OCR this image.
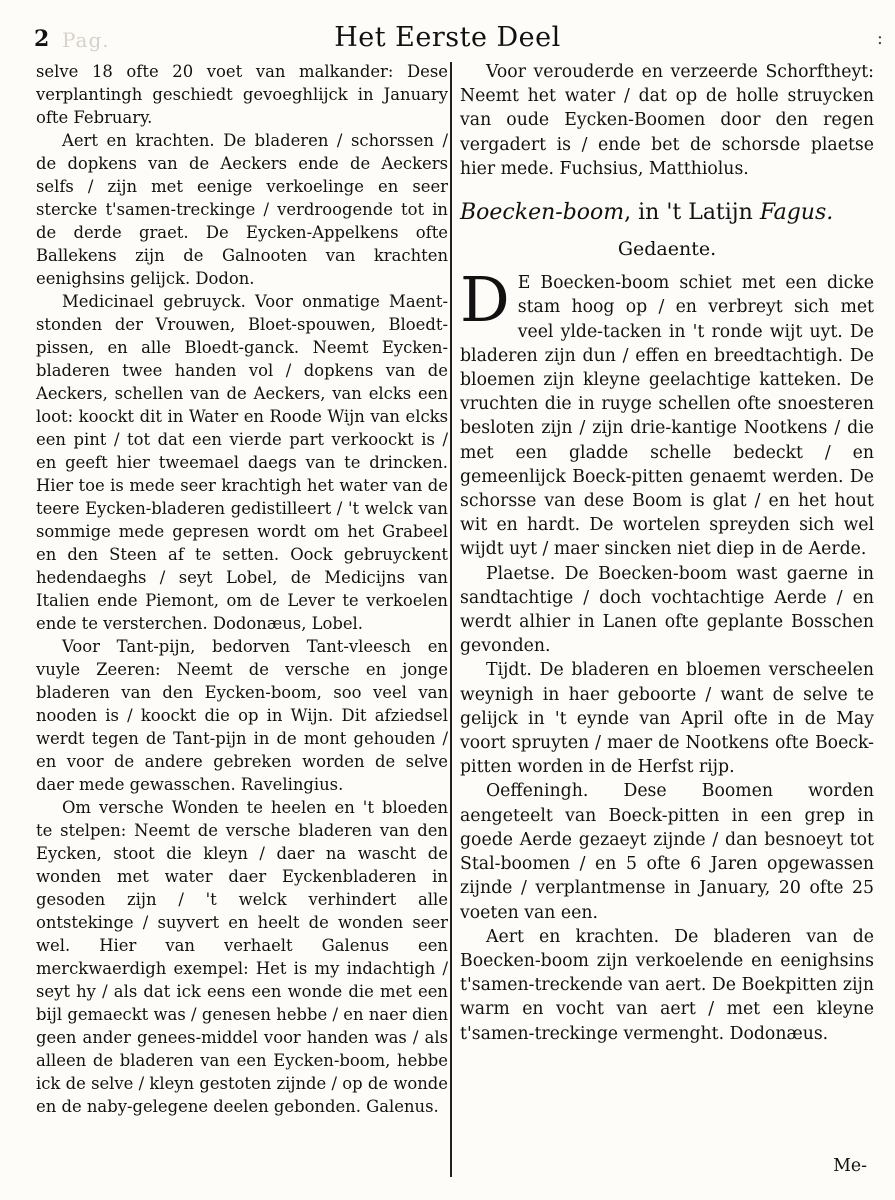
2 Pag.	Het Eerste Deel	:

selve 18 ofte 20 voet van malkander: Dese verplantingh geschiedt gevoeghlijck in January ofte February.

Aert en krachten. De bladeren / schorssen / de dopkens van de Aeckers ende de Aeckers selfs / zijn met eenige verkoelinge en seer stercke t'samen-treckinge / verdroogende tot in de derde graet. De Eycken-Appelkens ofte Ballekens zijn de Galnooten van krachten eenighsins gelijck. Dodon.

Medicinael gebruyck. Voor onmatige Maent-stonden der Vrouwen, Bloet-spouwen, Bloedt-pissen, en alle Bloedt-ganck. Neemt Eycken-bladeren twee handen vol / dopkens van de Aeckers, schellen van de Aeckers, van elcks een loot: koockt dit in Water en Roode Wijn van elcks een pint / tot dat een vierde part verkoockt is / en geeft hier tweemael daegs van te drincken. Hier toe is mede seer krachtigh het water van de teere Eycken-bladeren gedistilleert / 't welck van sommige mede gepresen wordt om het Grabeel en den Steen af te setten. Oock gebruyckent hedendaeghs / seyt Lobel, de Medicijns van Italien ende Piemont, om de Lever te verkoelen ende te versterchen. Dodonæus, Lobel.

Voor Tant-pijn, bedorven Tant-vleesch en vuyle Zeeren: Neemt de versche en jonge bladeren van den Eycken-boom, soo veel van nooden is / koockt die op in Wijn. Dit afziedsel werdt tegen de Tant-pijn in de mont gehouden / en voor de andere gebreken worden de selve daer mede gewasschen. Ravelingius.

Om versche Wonden te heelen en 't bloeden te stelpen: Neemt de versche bladeren van den Eycken, stoot die kleyn / daer na wascht de wonden met water daer Eyckenbladeren in gesoden zijn / 't welck verhindert alle ontstekinge / suyvert en heelt de wonden seer wel. Hier van verhaelt Galenus een merckwaerdigh exempel: Het is my indachtigh / seyt hy / als dat ick eens een wonde die met een bijl gemaeckt was / genesen hebbe / en naer dien geen ander genees-middel voor handen was / als alleen de bladeren van een Eycken-boom, hebbe ick de selve / kleyn gestoten zijnde / op de wonde en de naby-gelegene deelen gebonden. Galenus.

Voor verouderde en verzeerde Schorftheyt: Neemt het water / dat op de holle struycken van oude Eycken-Boomen door den regen vergadert is / ende bet de schorsde plaetse hier mede. Fuchsius, Matthiolus.

Boecken-boom, in 't Latijn Fagus.
Gedaente.

D E Boecken-boom schiet met een dicke stam hoog op / en verbreyt sich met veel ylde-tacken in 't ronde wijt uyt. De bladeren zijn dun / effen en breedtachtigh. De bloemen zijn kleyne geelachtige katteken. De vruchten die in ruyge schellen ofte snoesteren besloten zijn / zijn drie-kantige Nootkens / die met een gladde schelle bedeckt / en gemeenlijck Boeck-pitten genaemt werden. De schorsse van dese Boom is glat / en het hout wit en hardt. De wortelen spreyden sich wel wijdt uyt / maer sincken niet diep in de Aerde.

Plaetse. De Boecken-boom wast gaerne in sandtachtige / doch vochtachtige Aerde / en werdt alhier in Lanen ofte geplante Bosschen gevonden.

Tijdt. De bladeren en bloemen verscheelen weynigh in haer geboorte / want de selve te gelijck in 't eynde van April ofte in de May voort spruyten / maer de Nootkens ofte Boeck-pitten worden in de Herfst rijp.

Oeffeningh. Dese Boomen worden aengeteelt van Boeck-pitten in een grep in goede Aerde gezaeyt zijnde / dan besnoeyt tot Stal-boomen / en 5 ofte 6 Jaren opgewassen zijnde / verplantmense in January, 20 ofte 25 voeten van een.

Aert en krachten. De bladeren van de Boecken-boom zijn verkoelende en eenighsins t'samen-treckende van aert. De Boekpitten zijn warm en vocht van aert / met een kleyne t'samen-treckinge vermenght. Dodonæus.

Me-
